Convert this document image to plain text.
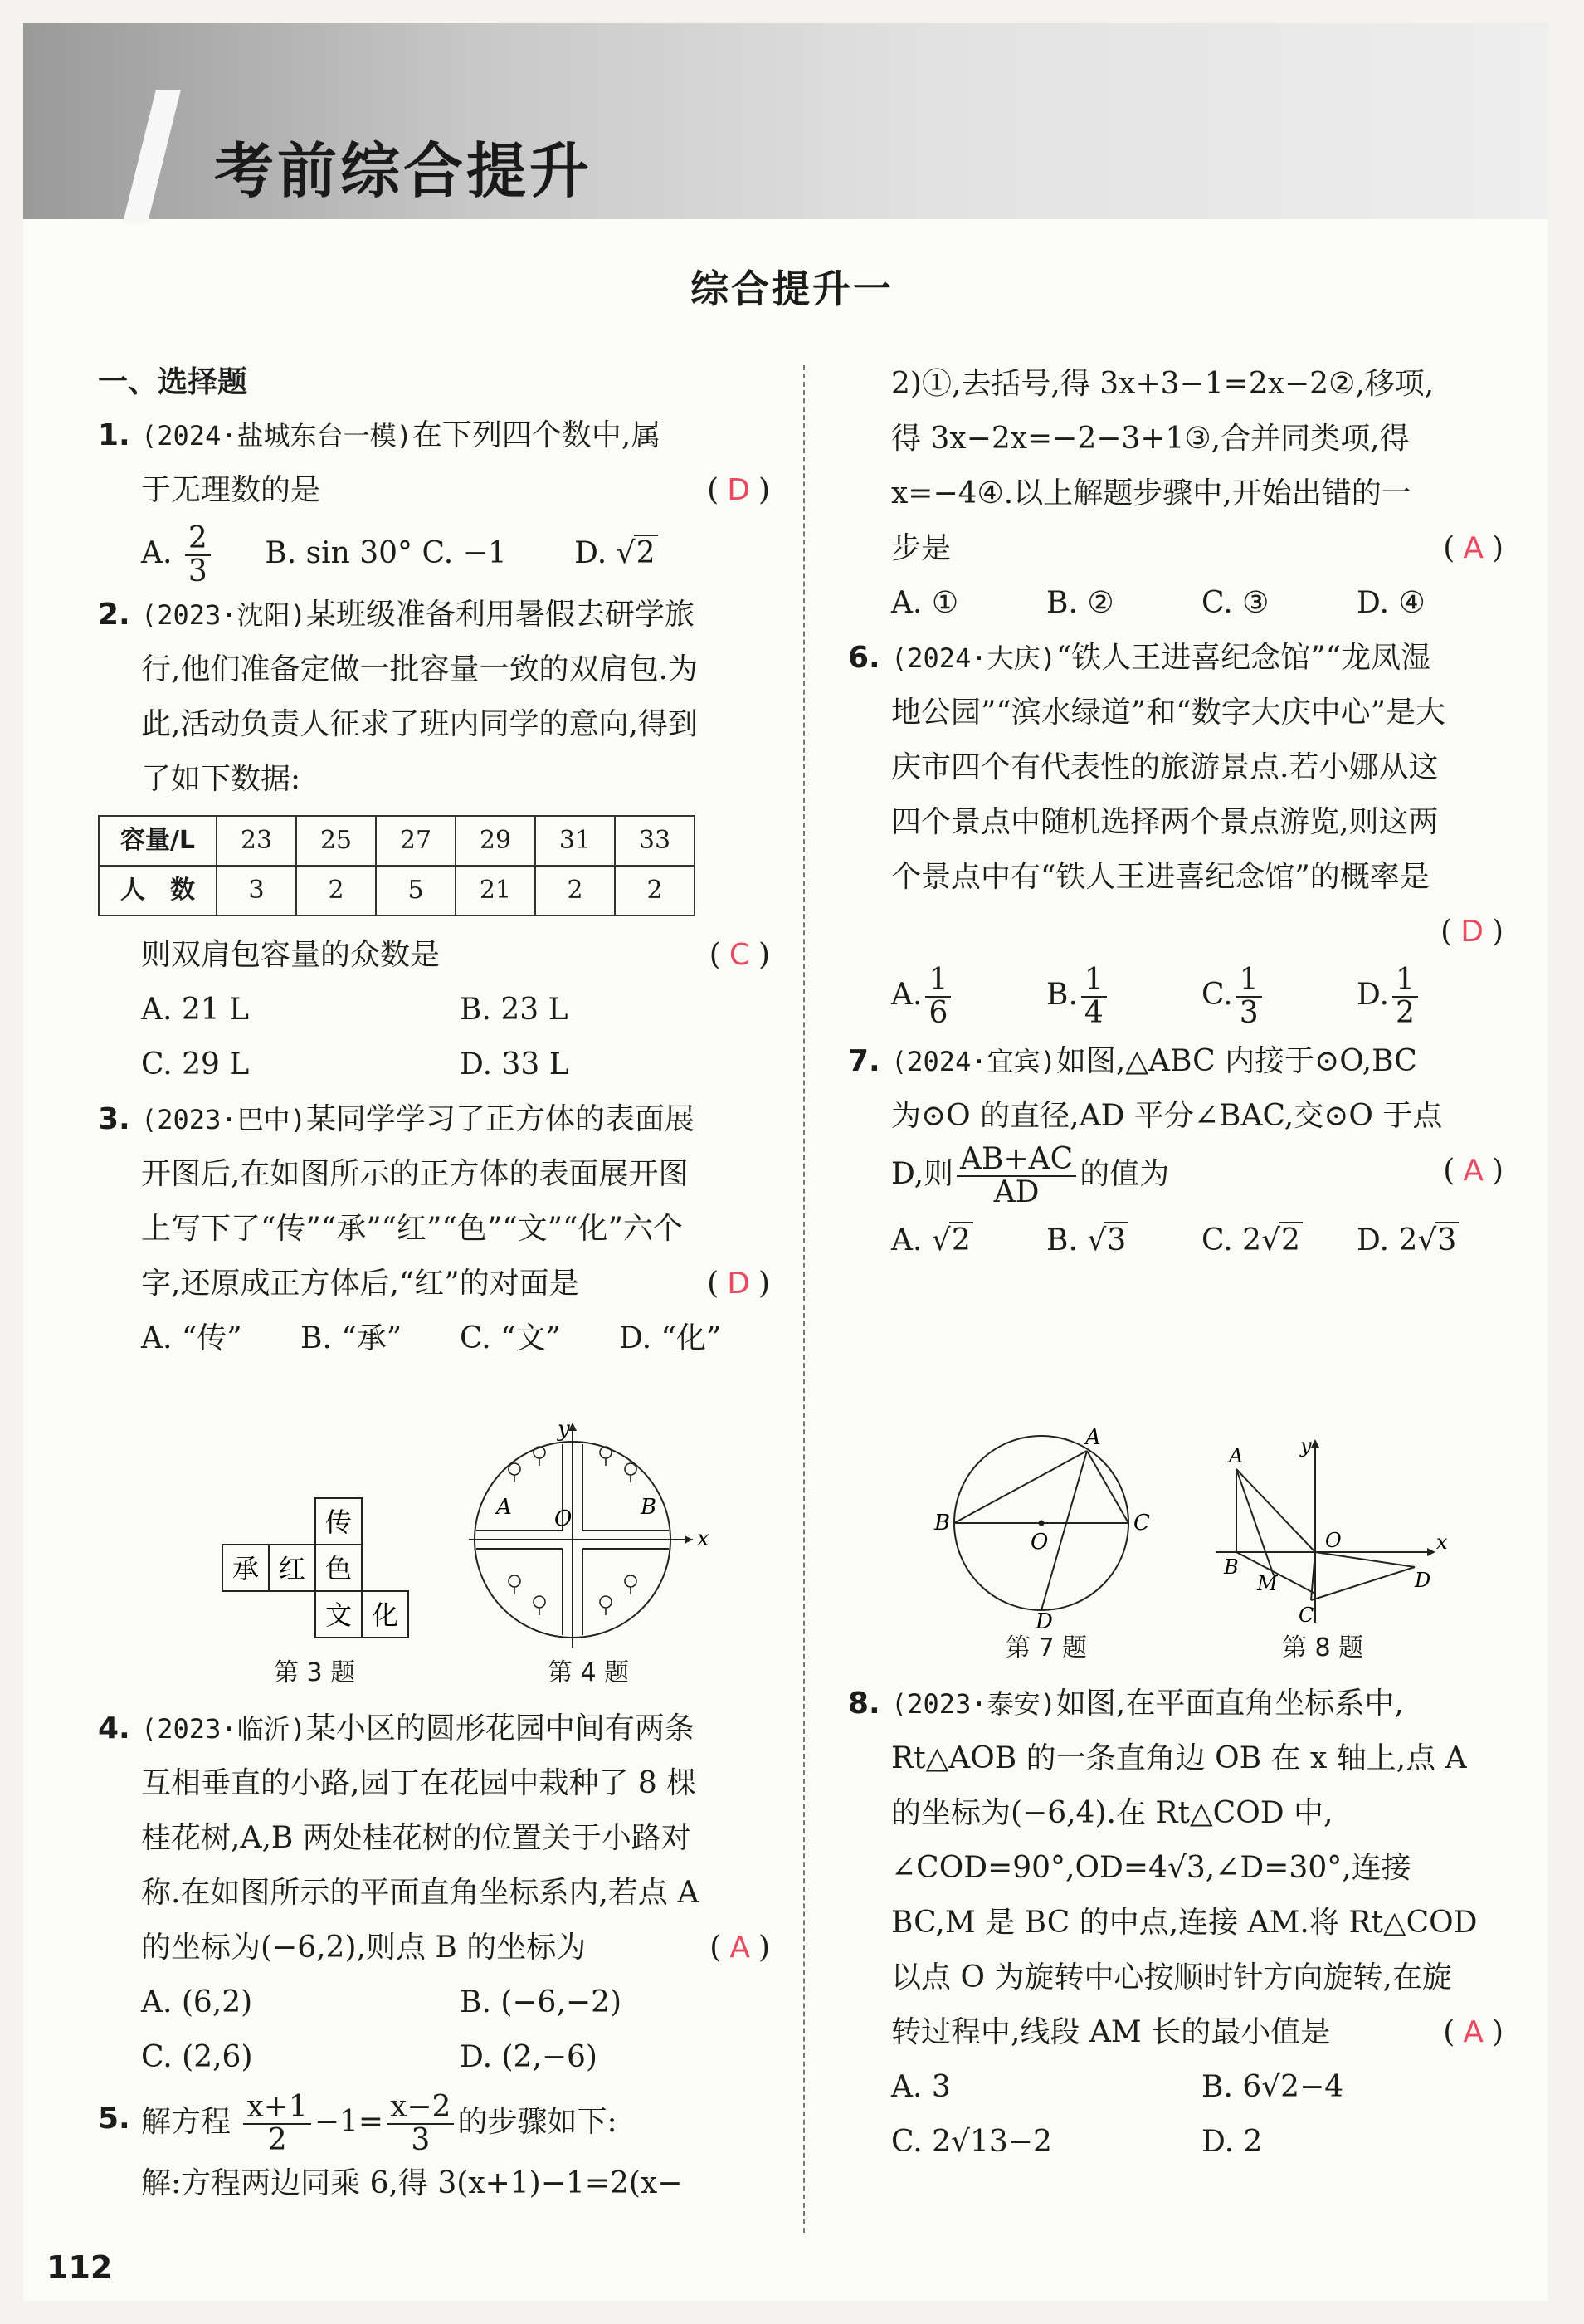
考前综合提升
综合提升一

一、选择题

1. (2024·盐城东台一模)在下列四个数中,属
于无理数的是	(D)
A. $\frac{2}{3} B$. sin 30° C. −1 D. √2
2. (2023·沈阳)某班级准备利用暑假去研学旅
行,他们准备定做一批容量一致的双肩包.为
此,活动负责人征求了班内同学的意向,得到
了如下数据:
容量/L	23	25	27	29	31	33
人　数	3	2	5	21	2	2
则双肩包容量的众数是	(C)
A. 21 L	B. 23 L
C. 29 L	D. 33 L
3. (2023·巴中)某同学学习了正方体的表面展
开图后,在如图所示的正方体的表面展开图
上写下了“传”“承”“红”“色”“文”“化”六个
字,还原成正方体后,“红”的对面是	(D)
A. “传”	B. “承”	C. “文”	D. “化”
传
承 红 色
文 化
第 3 题
x
y
O
A	B
第 4 题
4. (2023·临沂)某小区的圆形花园中间有两条
互相垂直的小路,园丁在花园中栽种了 8 棵
桂花树,A,B 两处桂花树的位置关于小路对
称.在如图所示的平面直角坐标系内,若点 A
的坐标为(−6,2),则点 B 的坐标为	(A)
A. (6,2)	B. (−6,−2)
C. (2,6)	D. (2,−6)
5. 解方程 $\frac{x+1}{2} -1= \frac{x-2}{3}$ 的步骤如下:
解:方程两边同乘 6,得 3(x+1)−1=2(x−
2)①,去括号,得 3x+3−1=2x−2②,移项,
得 3x−2x=−2−3+1③,合并同类项,得
x=−4④.以上解题步骤中,开始出错的一
步是	(A)
A. ①	B. ②	C. ③	D. ④
6. (2024·大庆)“铁人王进喜纪念馆”“龙凤湿
地公园”“滨水绿道”和“数字大庆中心”是大
庆市四个有代表性的旅游景点.若小娜从这
四个景点中随机选择两个景点游览,则这两
个景点中有“铁人王进喜纪念馆”的概率是
(D)
A. $\frac{1}{6}$	B. $\frac{1}{4}$	C. $\frac{1}{3}$	D. $\frac{1}{2}$
7. (2024·宜宾)如图,△ABC 内接于⊙O,BC
为⊙O 的直径,AD 平分∠BAC,交⊙O 于点
D,则 $\frac{AB+AC}{AD}$ 的值为	(A)
A. √2	B. √3	C. 2√2	D. 2√3
A
B	C
D
O
第 7 题
A
B
C
D
M
O	x
y
第 8 题
8. (2023·泰安)如图,在平面直角坐标系中,
Rt△AOB 的一条直角边 OB 在 x 轴上,点 A
的坐标为(−6,4).在 Rt△COD 中,
∠COD=90°,OD=4√3,∠D=30°,连接
BC,M 是 BC 的中点,连接 AM.将 Rt△COD
以点 O 为旋转中心按顺时针方向旋转,在旋
转过程中,线段 AM 长的最小值是	(A)
A. 3	B. 6√2−4
C. 2√13−2	D. 2

112
